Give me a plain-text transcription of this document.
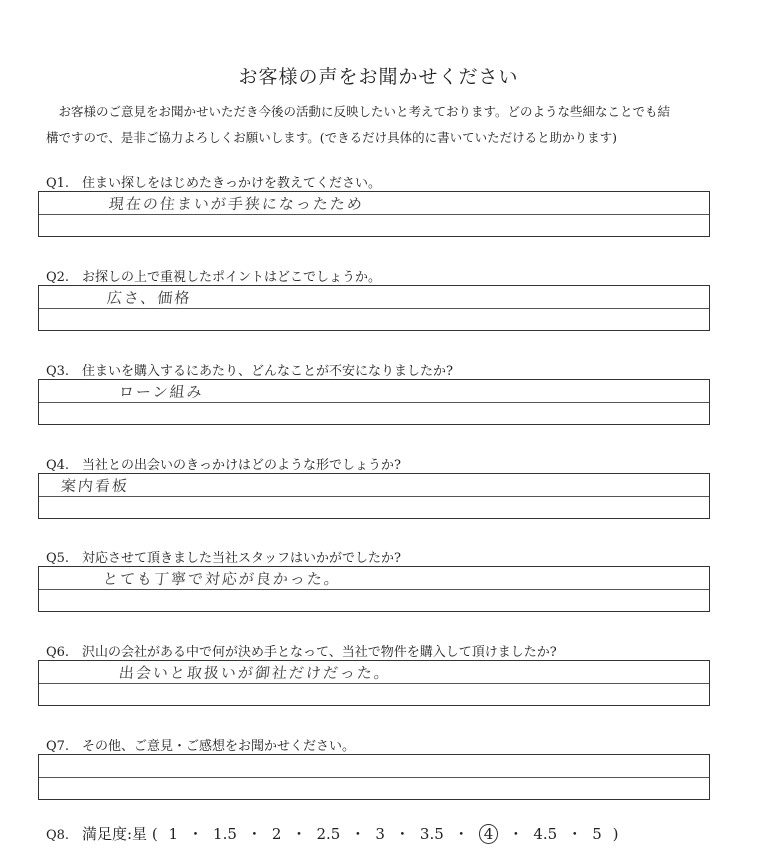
お客様の声をお聞かせください

　お客様のご意見をお聞かせいただき今後の活動に反映したいと考えております。どのような些細なことでも結

構ですので、是非ご協力よろしくお願いします。(できるだけ具体的に書いていただけると助かります)

Q1. 住まい探しをはじめたきっかけを教えてください。
現在の住まいが手狭になったため
Q2. お探しの上で重視したポイントはどこでしょうか。
広さ、価格
Q3. 住まいを購入するにあたり、どんなことが不安になりましたか?
ローン組み
Q4. 当社との出会いのきっかけはどのような形でしょうか?
案内看板
Q5. 対応させて頂きました当社スタッフはいかがでしたか?
とても丁寧で対応が良かった。
Q6. 沢山の会社がある中で何が決め手となって、当社で物件を購入して頂けましたか?
出会いと取扱いが御社だけだった。
Q7. その他、ご意見・ご感想をお聞かせください。
Q8. 満足度:星 ( 1 ・ 1.5 ・ 2 ・ 2.5 ・ 3 ・ 3.5 ・ 4 ・ 4.5 ・ 5 )
